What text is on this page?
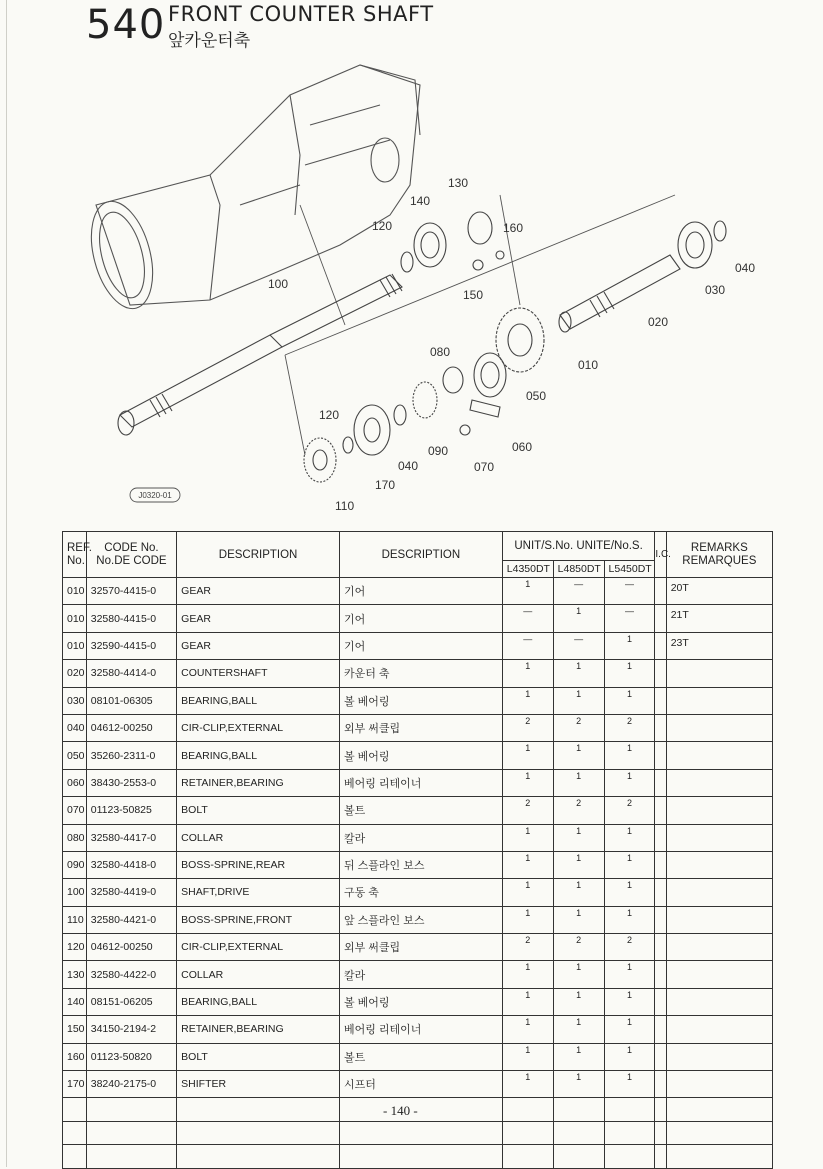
540 FRONT COUNTER SHAFT
앞카운터축
130
140
120	160
040
030
100
150
020
080
010
050
120
060
040
090
070
170
110
J0320-01
REF. No.	CODE No. No.DE CODE	DESCRIPTION	DESCRIPTION	UNIT/S.No. UNITE/No.S.			I.C.	REMARKS REMARQUES
				L4350DT	L4850DT	L5450DT		
010	32570-4415-0	GEAR	기어	1	—	—		20T
010	32580-4415-0	GEAR	기어	—	1	—		21T
010	32590-4415-0	GEAR	기어	—	—	1		23T
020	32580-4414-0	COUNTERSHAFT	카운터 축	1	1	1		
030	08101-06305	BEARING,BALL	볼 베어링	1	1	1		
040	04612-00250	CIR-CLIP,EXTERNAL	외부 써클립	2	2	2		
050	35260-2311-0	BEARING,BALL	볼 베어링	1	1	1		
060	38430-2553-0	RETAINER,BEARING	베어링 리테이너	1	1	1		
070	01123-50825	BOLT	볼트	2	2	2		
080	32580-4417-0	COLLAR	칼라	1	1	1		
090	32580-4418-0	BOSS-SPRINE,REAR	뒤 스플라인 보스	1	1	1		
100	32580-4419-0	SHAFT,DRIVE	구동 축	1	1	1		
110	32580-4421-0	BOSS-SPRINE,FRONT	앞 스플라인 보스	1	1	1		
120	04612-00250	CIR-CLIP,EXTERNAL	외부 써클립	2	2	2		
130	32580-4422-0	COLLAR	칼라	1	1	1		
140	08151-06205	BEARING,BALL	볼 베어링	1	1	1		
150	34150-2194-2	RETAINER,BEARING	베어링 리테이너	1	1	1		
160	01123-50820	BOLT	볼트	1	1	1		
170	38240-2175-0	SHIFTER	시프터	1	1	1		

- 140 -
